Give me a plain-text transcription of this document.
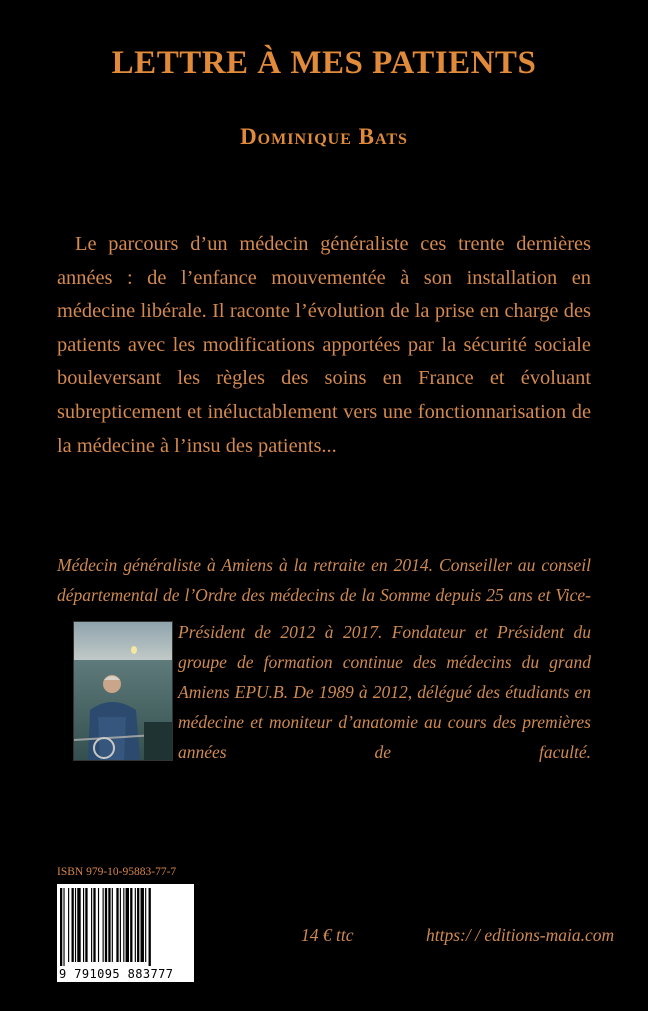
LETTRE À MES PATIENTS
Dominique Bats
Le parcours d’un médecin généraliste ces trente dernières années : de l’enfance mouvementée à son installation en médecine libérale. Il raconte l’évolution de la prise en charge des patients avec les modifications apportées par la sécurité sociale bouleversant les règles des soins en France et évoluant subrepticement et inéluctablement vers une fonctionnarisation de la médecine à l’insu des patients...
Médecin généraliste à Amiens à la retraite en 2014. Conseiller au conseil départemental de l’Ordre des médecins de la Somme depuis 25 ans et Vice-
Président de 2012 à 2017. Fondateur et Président du groupe de formation continue des médecins du grand Amiens EPU.B. De 1989 à 2012, délégué des étudiants en médecine et moniteur d’anatomie au cours des premières années de faculté.
ISBN 979-10-95883-77-7
9 791095 883777
14 € ttc	https:/ / editions-maia.com
